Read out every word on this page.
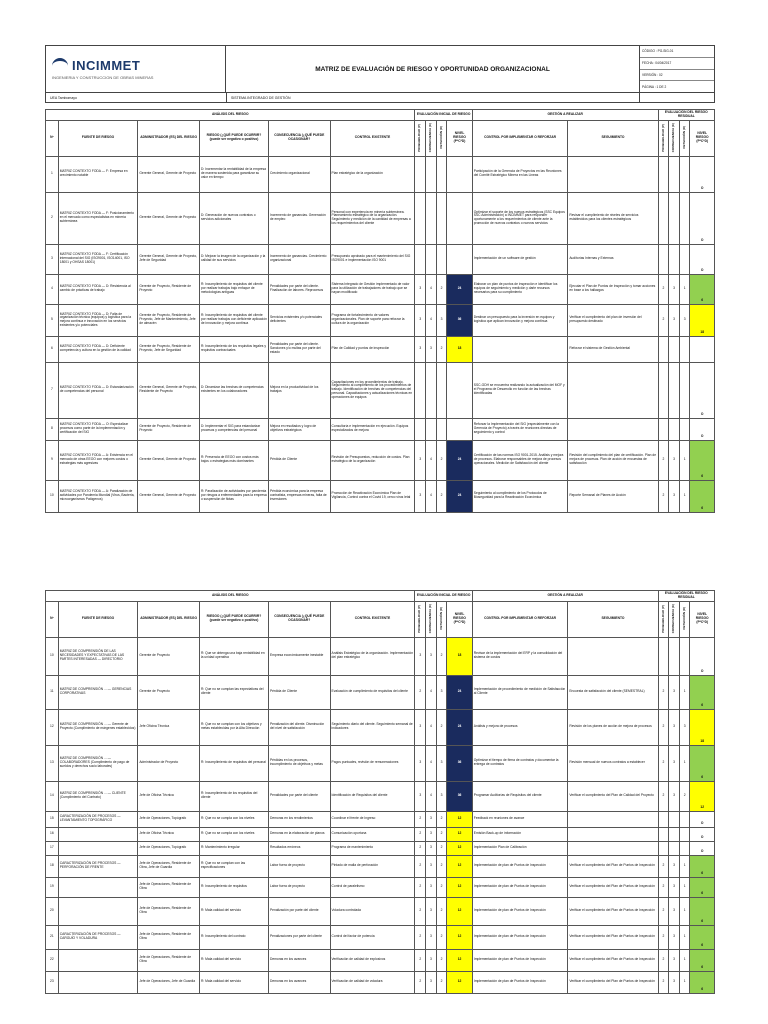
INCIMMET
INGENIERIA Y CONSTRUCCION DE OBRAS MINERAS
MATRIZ DE EVALUACIÓN DE RIESGO Y OPORTUNIDAD ORGANIZACIONAL
CÓDIGO : PG-SIG-01
FECHA : 04/04/2017
VERSIÓN : 02
PÁGINA : 1 DE 2
UEA Tambomayo	SISTEMA INTEGRADO DE GESTIÓN
ANÁLISIS DEL RIESGO						EVALUACIÓN INICIAL DE RIESGO				GESTIÓN A REALIZAR		EVALUACIÓN DEL RIESGO RESIDUAL			
Nº	FUENTE DE RIESGO	ADMINISTRADOR (ES) DEL RIESGO	RIESGO (¿QUÉ PUEDE OCURRIR? (puede ser negativo o positivo)	CONSECUENCIA (¿QUÉ PUEDE OCASIONAR?	CONTROL EXISTENTE	PROBABILIDAD (P)	CONSECUENCIA (C)	DETECCIÓN (D)	NIVEL RIESGO (P*C*D)	CONTROL POR IMPLEMENTAR O REFORZAR	SEGUIMIENTO	PROBABILIDAD (P)	CONSECUENCIA (C)	DETECCIÓN (D)	NIVEL RIESGO (P*C*D)
1	MATRIZ CONTEXTO FODA — F: Empresa en crecimiento notable	Gerente General, Gerente de Proyecto	D: Incrementar la rentabilidad de la empresa de manera sostenida para garantizar su valor en tiempo	Crecimiento organizacional	Plan estratégico de la organización					Participación de la Gerencia de Proyectos en las Reuniones del Comité Estratégico Minera en las Lineas					O
2	MATRIZ CONTEXTO FODA — F: Posicionamiento en el mercado como especialistas en minería subterránea	Gerente General, Gerente de Proyecto	D: Generación de nuevos contratos o servicios adicionales	Incremento de ganancias. Generación de empleo	Personal con experiencia en minería subterránea. Planeamiento estratégico de la organización. Seguimiento y medición de la cantidad de empresas a los requerimientos del cliente					Optimizar el soporte de los nuevos estratégicos (SSC Equipos SSC Administración) a INCIMMET para responder oportunamente a los requerimientos de cliente ante la promoción de nuevos contratos o nuevos servicios	Revisar el cumplimiento de niveles de servicios establecidos para los clientes estratégicos				O
3	MATRIZ CONTEXTO FODA — F: Certificación internacional del SIG (ISO9001, ISO14001, ISO 18001 y OHSAS 18001)	Gerente General, Gerente de Proyecto, Jefe de Seguridad	D: Mejorar la imagen de la organización y la calidad de sus servicios	Incremento de ganancias. Crecimiento organizacional	Presupuesto aprobado para el mantenimiento del SIG ISO9001 e implementación ISO 9001					Implementación de un software de gestión	Auditorías Internas y Externas				O
4	MATRIZ CONTEXTO FODA — D: Resistencia al cambio de prácticas de trabajo	Gerente de Proyecto, Residente de Proyecto	R: Incumplimiento de requisitos del cliente por realizar trabajos bajo enfoque de metodologías antiguas	Penalidades por parte del cliente. Finalización de labores. Reprocesos	Sistema Integrado de Gestión implementado de valor para la utilización de trabajadores de trabajo que se hayan modificado	3	4	2	24	Elaborar un plan de puntos de inspección e identificar los equipos de seguimiento y medición y darle recursos necesarios para su cumplimiento	Ejecutar el Plan de Puntos de Inspección y tomar acciones en base a los hallazgos	2	3	1	6
5	MATRIZ CONTEXTO FODA — D: Falta de organización técnica (equipos) y logística para la mejora continua e innovación en los servicios existentes y/o potenciales	Gerente de Proyecto, Residente de Proyecto, Jefe de Mantenimiento, Jefe de almacén	R: Incumplimiento de requisitos del cliente por realizar trabajos con deficiente aplicación de innovación y mejora continua	Servicios existentes y/o potenciales deficientes	Programa de fortalecimiento de valores organizacionales. Plan de soporte para reforzar la cultura de la organización	3	4	3	36	Destinar un presupuesto para la inversión en equipos y logística que aplican innovación y mejora continua	Verificar el cumplimiento del plan de inversión del presupuesto destinado	2	3	3	18
6	MATRIZ CONTEXTO FODA — D: Deficiente competencia y cultura en la gestión de la calidad	Gerente de Proyecto, Residente de Proyecto, Jefe de Seguridad	R: Incumplimiento de los requisitos legales y requisitos contractuales	Penalidades por parte del cliente. Sanciones y/o multas por parte del estado	Plan de Calidad y puntos de inspección	3	3	2	18		Reforzar el sistema de Gestión Ambiental				
7	MATRIZ CONTEXTO FODA — D: Estandarización de competencias del personal	Gerente General, Gerente de Proyecto, Residente de Proyecto	D: Dinamizar las brechas de competencias existentes en los colaboradores	Mejora en la productividad de los trabajos	Capacitaciones en los procedimientos de trabajo. Seguimiento al cumplimiento de los procedimientos de trabajo. Identificación de brechas de competencias del personal. Capacitaciones y actualizaciones técnicas en operaciones de equipos					SSC-GDH se encuentra realizando la actualización del MOF y el Programa de Desarrollo en función de las brechas identificadas					O
8	MATRIZ CONTEXTO FODA — O: Especializar procesos como parte de la implementación y certificación del SIG	Gerente de Proyecto, Residente de Proyecto	D: Implementar el SIG para estandarizar procesos y competencias del personal	Mejora en resultados y logro de objetivos estratégicos	Consultoría e implementación en ejecución. Equipos especializados de mejora					Reforzar la Implementación del SIG (especialmente con la Gerencia de Proyecto) a través de reuniones directas de seguimiento y control					O
9	MATRIZ CONTEXTO FODA — A: Existencia en el mercado de otras EEOO con mejores costos o estrategias más agresivas	Gerente General, Gerente de Proyecto	R: Presencia de EEOO con costos más bajos o estrategias más dominantes	Pérdida de Cliente	Revisión de Presupuestos, reducción de costos. Plan estratégico de la organización	3	4	2	24	Certificación de las normas ISO 9001-2015. Análisis y mejora de procesos. Elaborar responsables de mejora de procesos operacionales. Medición de Satisfacción del cliente	Revisión del cumplimiento del plan de certificación. Plan de mejora de procesos. Plan de acción de encuestas de satisfacción	2	3	1	6
10	MATRIZ CONTEXTO FODA — A: Paralización de actividades por Pandemia Mundial (Virus, Bacteria, microorganismos Patógenos)	Gerente General, Gerente de Proyecto	R: Paralización de actividades por pandemia por riesgos a enfermedades para la empresa o suspensión de flotas	Pérdida económica para la empresa contratista, empresas mineras, falta de inversiones	Promoción de Reactivación Económica Plan de Vigilancia, Control contra el Covid 19, cerco virus letal	3	4	2	24	Seguimiento al cumplimiento de los Protocolos de Bioseguridad para la Reactivación Económica	Reporte Semanal de Planes de Acción	2	3	1	6
ANÁLISIS DEL RIESGO						EVALUACIÓN INICIAL DE RIESGO				GESTIÓN A REALIZAR		EVALUACIÓN DEL RIESGO RESIDUAL			
Nº	FUENTE DE RIESGO	ADMINISTRADOR (ES) DEL RIESGO	RIESGO (¿QUÉ PUEDE OCURRIR? (puede ser negativo o positivo)	CONSECUENCIA (¿QUÉ PUEDE OCASIONAR?	CONTROL EXISTENTE	PROBABILIDAD (P)	CONSECUENCIA (C)	DETECCIÓN (D)	NIVEL RIESGO (P*C*D)	CONTROL POR IMPLEMENTAR O REFORZAR	SEGUIMIENTO	PROBABILIDAD (P)	CONSECUENCIA (C)	DETECCIÓN (D)	NIVEL RIESGO (P*C*D)
10	MATRIZ DE COMPRENSIÓN DE LAS NECESIDADES Y EXPECTATIVAS DE LAS PARTES INTERESADAS — DIRECTORIO	Gerente de Proyecto	R: Que se obtenga una baja rentabilidad en la unidad operativa	Empresa económicamente inestable	Análisis Estratégico de la organización. Implementación del plan estratégico	3	3	2	18	Revisar de la implementación del ERP y la consolidación del sistema de costos					O
11	MATRIZ DE COMPRENSIÓN ... — GERENCIAS CORPORATIVAS	Gerente de Proyecto	R: Que no se cumplan las expectativas del cliente	Pérdida de Cliente	Evaluación de cumplimiento de requisitos del cliente	2	4	3	24	Implementación de procedimiento de medición de Satisfacción al Cliente	Encuesta de satisfacción del cliente (SEMESTRAL)	2	3	1	6
12	MATRIZ DE COMPRENSIÓN ... — Gerente de Proyecto (Cumplimiento de márgenes establecidos)	Jefe Oficina Técnica	R: Que no se cumplan con los objetivos y metas establecidas por la Alta Dirección	Penalización del cliente. Disminución del nivel de satisfacción	Seguimiento diario del cliente. Seguimiento semanal de indicadores	3	4	2	24	Análisis y mejora de procesos	Revisión de los planes de acción de mejora de procesos	2	3	3	18
13	MATRIZ DE COMPRENSIÓN ... — COLABORADORES (Cumplimiento de pago de sueldos y derechos socio laborales)	Administrador de Proyecto	R: Incumplimiento de requisitos del personal	Pérdidas en los procesos, incumplimiento de objetivos y metas	Pagos puntuales, revisión de remuneraciones	3	4	3	36	Optimizar el tiempo de firma de contratos y documentar la entrega de contratos	Revisión mensual de nuevos contratos a establecer	2	3	1	6
14	MATRIZ DE COMPRENSIÓN ... — CLIENTE (Cumplimiento del Contrato)	Jefe de Oficina Técnica	R: Incumplimiento de los requisitos del cliente	Penalidades por parte del cliente	Identificación de Requisitos del cliente	3	4	3	36	Programar Auditorías de Requisitos del cliente	Verificar el cumplimiento del Plan de Calidad del Proyecto	2	3	2	12
15	CARACTERIZACIÓN DE PROCESOS — LEVANTAMIENTO TOPOGRÁFICO	Jefe de Operaciones, Topógrafo	R: Que no se cumpla con los niveles	Demoras en los rendimientos	Coordinar el frente de Ingreso	2	3	2	12	Feedback en reuniones de avance					O
16		Jefe de Oficina Técnica	R: Que no se cumpla con los niveles	Demoras en la elaboración de planos	Comunicación oportuna	2	3	2	12	Emisión Back-up de información					O
17		Jefe de Operaciones, Topógrafo	R: Mantenimiento irregular	Resultados erróneos	Programa de mantenimiento	2	3	2	12	Implementación Plan de Calibración					O
18	CARACTERIZACIÓN DE PROCESOS — PERFORACIÓN DE FRENTE	Jefe de Operaciones, Residente de Obra, Jefe de Guardia	R: Que no se cumplan con las especificaciones	Labor fuera de proyecto	Pintado de malla de perforación	2	3	2	12	Implementación de plan de Puntos de Inspección	Verificar el cumplimiento del Plan de Puntos de Inspección	2	3	1	6
19		Jefe de Operaciones, Residente de Obra	R: Incumplimiento de requisitos	Labor fuera de proyecto	Control de paralelismo	2	3	2	12	Implementación de plan de Puntos de Inspección	Verificar el cumplimiento del Plan de Puntos de Inspección	2	3	1	6
20		Jefe de Operaciones, Residente de Obra	R: Mala calidad del servicio	Penalización por parte del cliente	Voladura controlada	2	3	2	12	Implementación de plan de Puntos de Inspección	Verificar el cumplimiento del Plan de Puntos de Inspección	2	3	1	6
21	CARACTERIZACIÓN DE PROCESOS — CARGUÍO Y VOLADURA	Jefe de Operaciones, Residente de Obra	R: Incumplimiento del contrato	Penalizaciones por parte del cliente	Control del factor de potencia	2	3	2	12	Implementación de plan de Puntos de Inspección	Verificar el cumplimiento del Plan de Puntos de Inspección	2	3	1	6
22		Jefe de Operaciones, Residente de Obra	R: Mala calidad del servicio	Demoras en los avances	Verificación de calidad de explosivos	2	3	2	12	Implementación de plan de Puntos de Inspección	Verificar el cumplimiento del Plan de Puntos de Inspección	2	3	1	6
23		Jefe de Operaciones, Jefe de Guardia	R: Mala calidad del servicio	Demoras en los avances	Verificación de calidad de voladura	2	3	2	12	Implementación de plan de Puntos de Inspección	Verificar el cumplimiento del Plan de Puntos de Inspección	2	3	1	6
